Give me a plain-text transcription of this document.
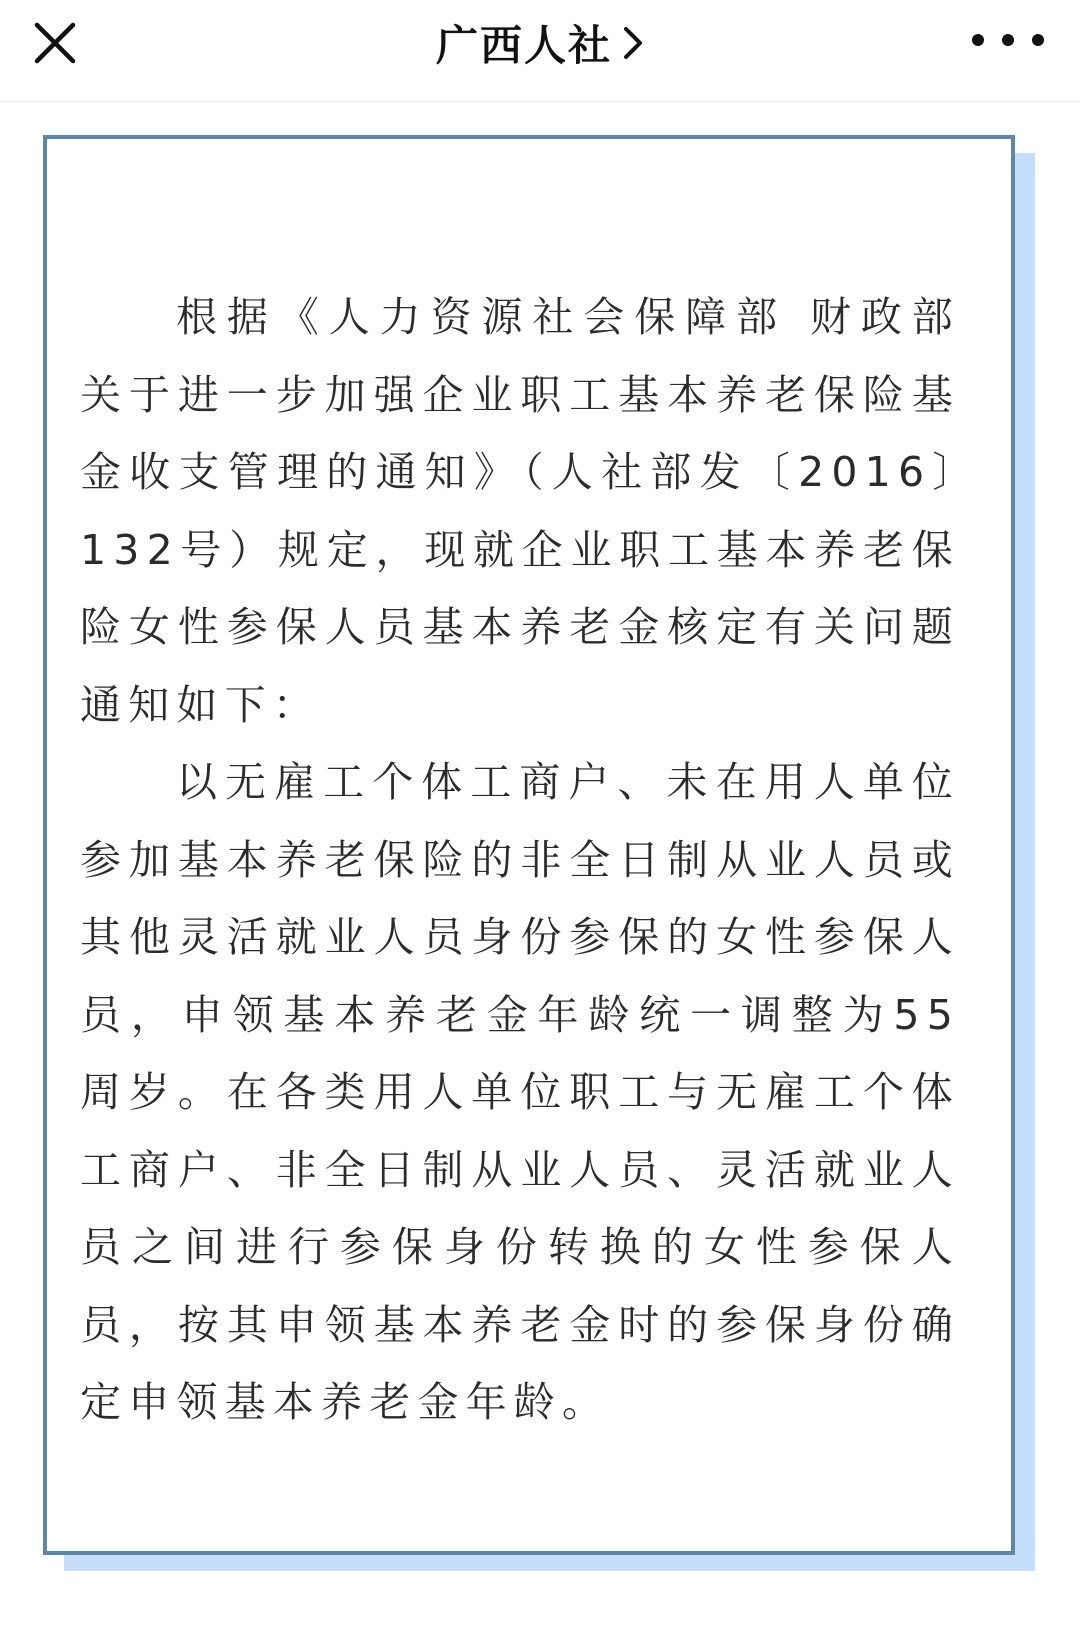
广西人社

根据《人力资源社会保障部 财政部关于进一步加强企业职工基本养老保险基金收支管理的通知》（人社部发〔2016〕132号）规定，现就企业职工基本养老保险女性参保人员基本养老金核定有关问题通知如下：

以无雇工个体工商户、未在用人单位参加基本养老保险的非全日制从业人员或其他灵活就业人员身份参保的女性参保人员，申领基本养老金年龄统一调整为55周岁。在各类用人单位职工与无雇工个体工商户、非全日制从业人员、灵活就业人员之间进行参保身份转换的女性参保人员，按其申领基本养老金时的参保身份确定申领基本养老金年龄。
